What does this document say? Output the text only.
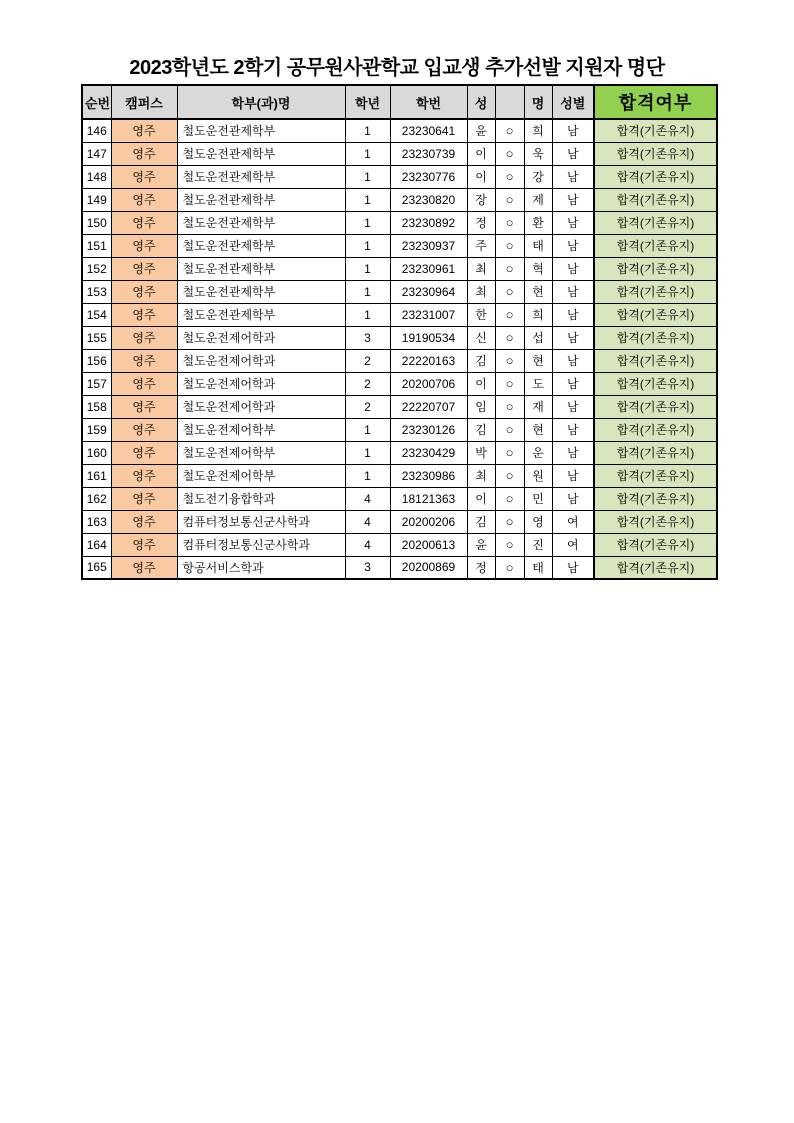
2023학년도 2학기 공무원사관학교 입교생 추가선발 지원자 명단
순번	캠퍼스	학부(과)명	학년	학번	성		명	성별	합격여부
146	영주	철도운전관제학부	1	23230641	윤	○	희	남	합격(기존유지)
147	영주	철도운전관제학부	1	23230739	이	○	욱	남	합격(기존유지)
148	영주	철도운전관제학부	1	23230776	이	○	강	남	합격(기존유지)
149	영주	철도운전관제학부	1	23230820	장	○	제	남	합격(기존유지)
150	영주	철도운전관제학부	1	23230892	정	○	환	남	합격(기존유지)
151	영주	철도운전관제학부	1	23230937	주	○	태	남	합격(기존유지)
152	영주	철도운전관제학부	1	23230961	최	○	혁	남	합격(기존유지)
153	영주	철도운전관제학부	1	23230964	최	○	현	남	합격(기존유지)
154	영주	철도운전관제학부	1	23231007	한	○	희	남	합격(기존유지)
155	영주	철도운전제어학과	3	19190534	신	○	섭	남	합격(기존유지)
156	영주	철도운전제어학과	2	22220163	김	○	현	남	합격(기존유지)
157	영주	철도운전제어학과	2	20200706	이	○	도	남	합격(기존유지)
158	영주	철도운전제어학과	2	22220707	임	○	재	남	합격(기존유지)
159	영주	철도운전제어학부	1	23230126	김	○	현	남	합격(기존유지)
160	영주	철도운전제어학부	1	23230429	박	○	운	남	합격(기존유지)
161	영주	철도운전제어학부	1	23230986	최	○	원	남	합격(기존유지)
162	영주	철도전기융합학과	4	18121363	이	○	민	남	합격(기존유지)
163	영주	컴퓨터정보통신군사학과	4	20200206	김	○	영	여	합격(기존유지)
164	영주	컴퓨터정보통신군사학과	4	20200613	윤	○	진	여	합격(기존유지)
165	영주	항공서비스학과	3	20200869	정	○	태	남	합격(기존유지)
